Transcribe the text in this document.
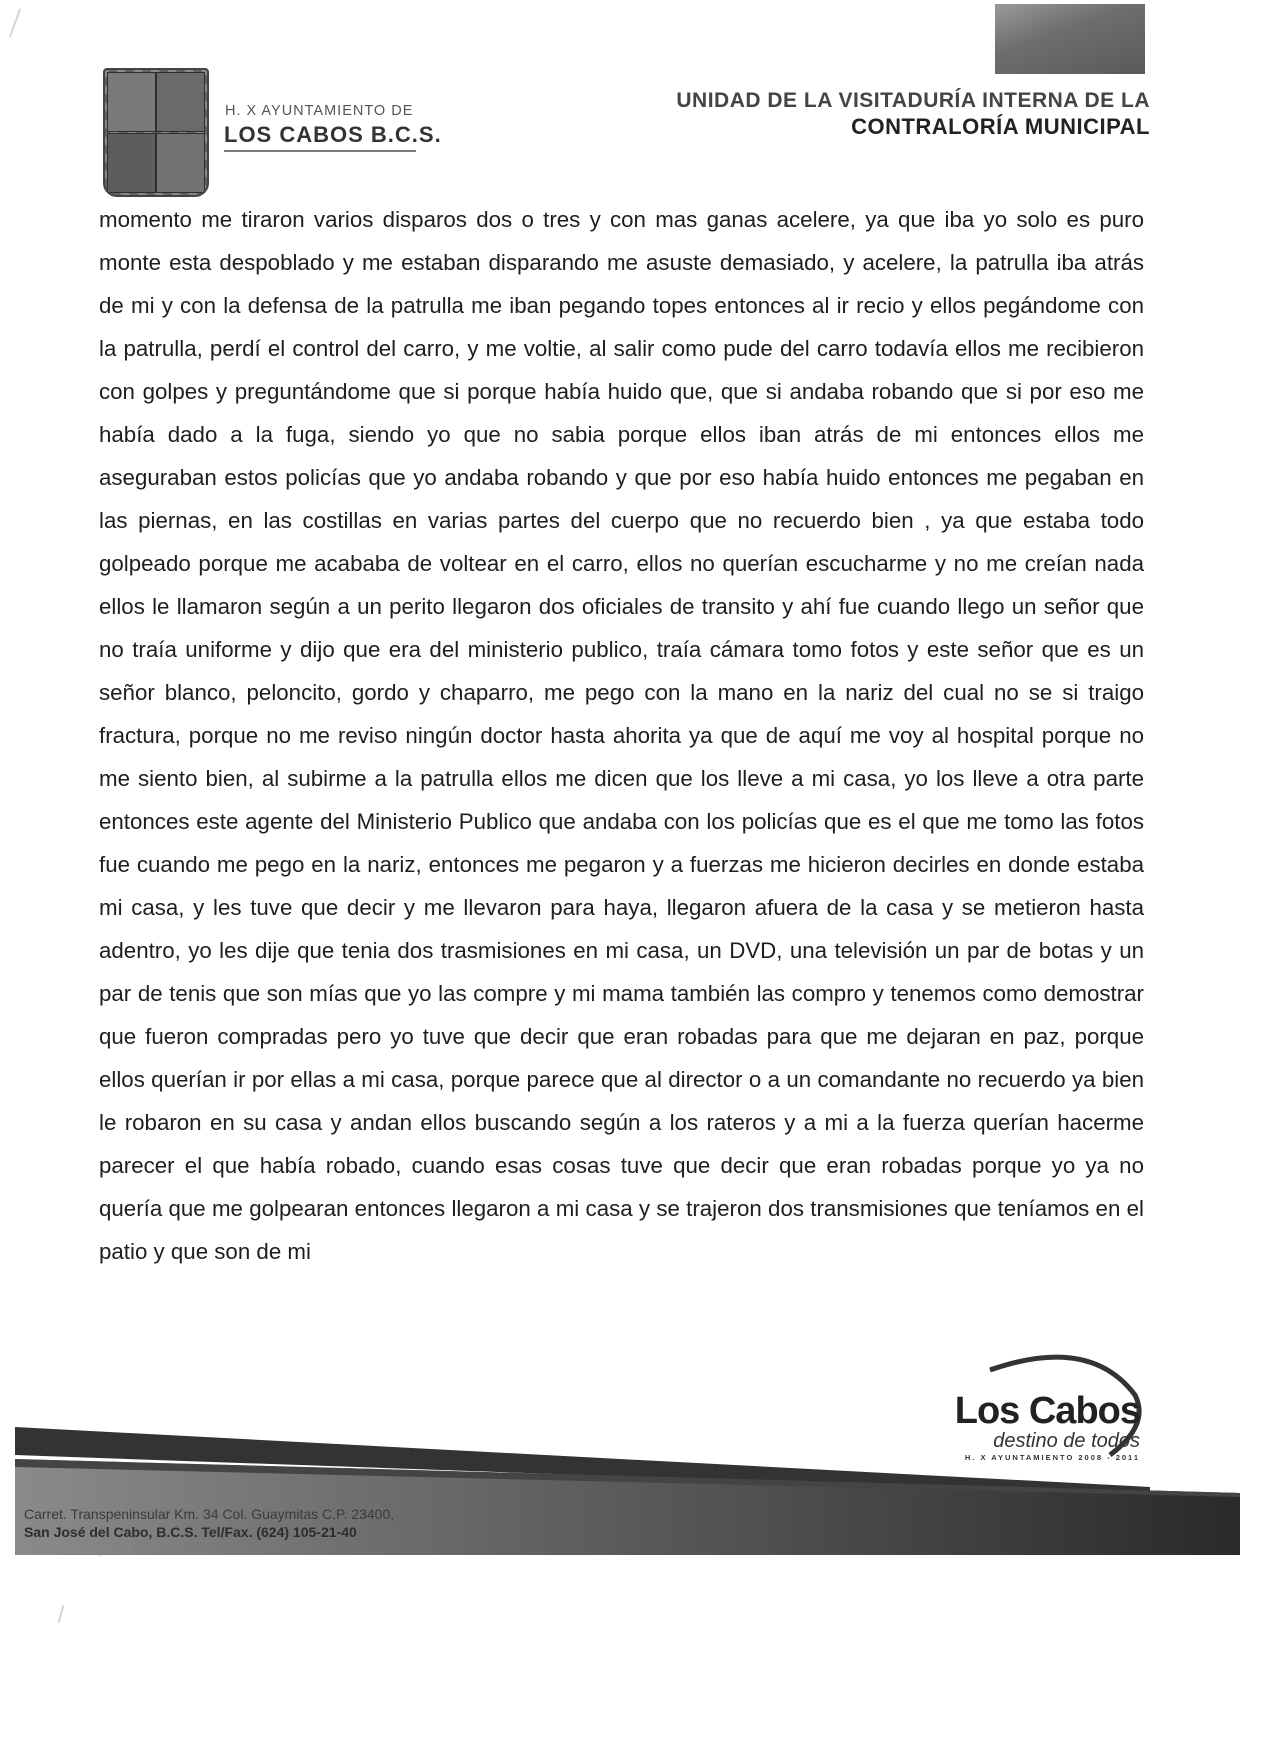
H. X AYUNTAMIENTO DE
LOS CABOS B.C.S.
UNIDAD DE LA VISITADURÍA INTERNA DE LA
CONTRALORÍA MUNICIPAL

momento me tiraron varios disparos dos o tres y con mas ganas acelere, ya que iba yo solo es puro monte esta despoblado y me estaban disparando me asuste demasiado, y acelere, la patrulla iba atrás de mi y con la defensa de la patrulla me iban pegando topes entonces al ir recio y ellos pegándome con la patrulla, perdí el control del carro, y me voltie, al salir como pude del carro todavía ellos me recibieron con golpes y preguntándome que si porque había huido que, que si andaba robando que si por eso me había dado a la fuga, siendo yo que no sabia porque ellos iban atrás de mi entonces ellos me aseguraban estos policías que yo andaba robando y que por eso había huido entonces me pegaban en las piernas, en las costillas en varias partes del cuerpo que no recuerdo bien , ya que estaba todo golpeado porque me acababa de voltear en el carro, ellos no querían escucharme y no me creían nada ellos le llamaron según a un perito llegaron dos oficiales de transito y ahí fue cuando llego un señor que no traía uniforme y dijo que era del ministerio publico, traía cámara tomo fotos y este señor que es un señor blanco, peloncito, gordo y chaparro, me pego con la mano en la nariz del cual no se si traigo fractura, porque no me reviso ningún doctor hasta ahorita ya que de aquí me voy al hospital porque no me siento bien, al subirme a la patrulla ellos me dicen que los lleve a mi casa, yo los lleve a otra parte entonces este agente del Ministerio Publico que andaba con los policías que es el que me tomo las fotos fue cuando me pego en la nariz, entonces me pegaron y a fuerzas me hicieron decirles en donde estaba mi casa, y les tuve que decir y me llevaron para haya, llegaron afuera de la casa y se metieron hasta adentro, yo les dije que tenia dos trasmisiones en mi casa, un DVD, una televisión un par de botas y un par de tenis que son mías que yo las compre y mi mama también las compro y tenemos como demostrar que fueron compradas pero yo tuve que decir que eran robadas para que me dejaran en paz, porque ellos querían ir por ellas a mi casa, porque parece que al director o a un comandante no recuerdo ya bien le robaron en su casa y andan ellos buscando según a los rateros y a mi a la fuerza querían hacerme parecer el que había robado, cuando esas cosas tuve que decir que eran robadas porque yo ya no quería que me golpearan entonces llegaron a mi casa y se trajeron dos transmisiones que teníamos en el patio y que son de mi

Los Cabos
destino de todos
H. X AYUNTAMIENTO 2008 - 2011
Carret. Transpeninsular Km. 34 Col. Guaymitas C.P. 23400,
San José del Cabo, B.C.S. Tel/Fax. (624) 105-21-40
www.loscabos.gob.mx
